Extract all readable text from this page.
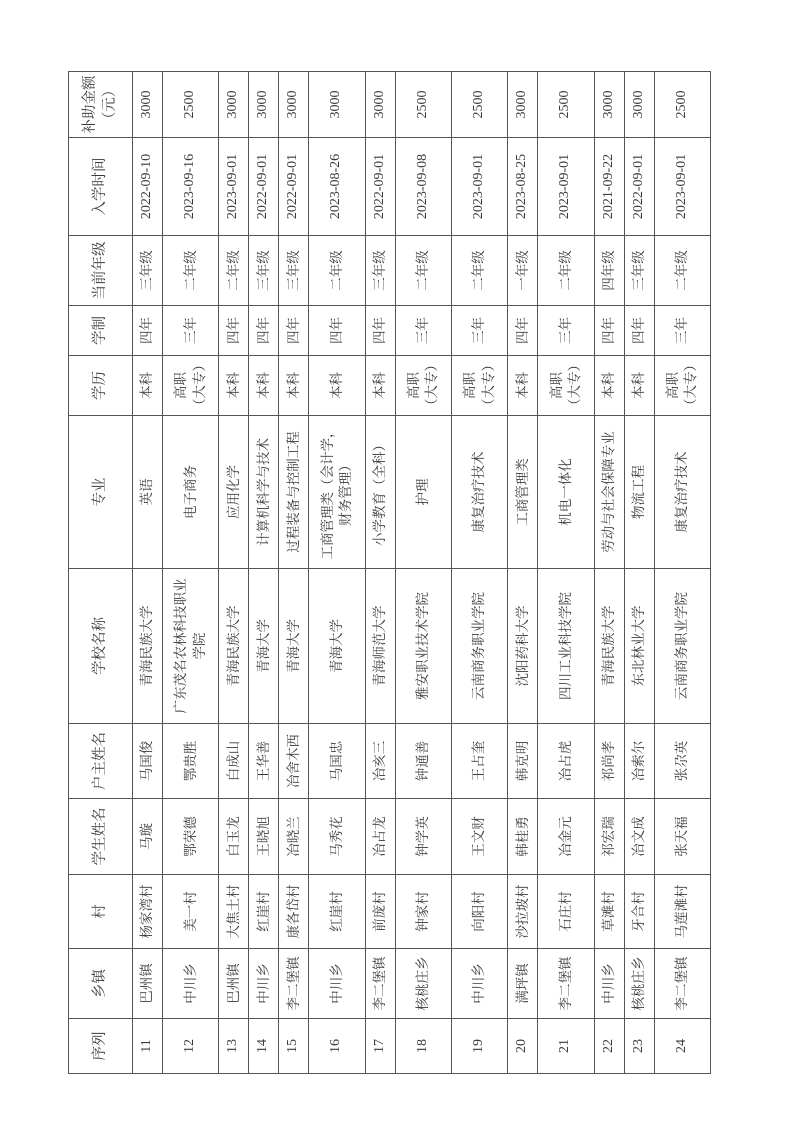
序列	乡镇	村	学生姓名	户主姓名	学校名称	专业	学历	学制	当前年级	入学时间	补助金额（元）
11	巴州镇	杨家湾村	马璇	马国俊	青海民族大学	英语	本科	四年	三年级	2022-09-10	3000
12	中川乡	美一村	鄂荣德	鄂贵胜	广东茂名农林科技职业学院	电子商务	高职（大专）	三年	二年级	2023-09-16	2500
13	巴州镇	大焦土村	白玉龙	白成山	青海民族大学	应用化学	本科	四年	二年级	2023-09-01	3000
14	中川乡	红崖村	王晓旭	王华善	青海大学	计算机科学与技术	本科	四年	三年级	2022-09-01	3000
15	李二堡镇	康各岱村	冶晓兰	冶舍木西	青海大学	过程装备与控制工程	本科	四年	三年级	2022-09-01	3000
16	中川乡	红崖村	马秀花	马国忠	青海大学	工商管理类（会计学，财务管理）	本科	四年	二年级	2023-08-26	3000
17	李二堡镇	前庞村	冶占龙	冶亥三	青海师范大学	小学教育（全科）	本科	四年	三年级	2022-09-01	3000
18	核桃庄乡	钟家村	钟学英	钟通善	雅安职业技术学院	护理	高职（大专）	三年	二年级	2023-09-08	2500
19	中川乡	向阳村	王文财	王占奎	云南商务职业学院	康复治疗技术	高职（大专）	三年	二年级	2023-09-01	2500
20	满坪镇	沙拉坡村	韩桂勇	韩克明	沈阳药科大学	工商管理类	本科	四年	一年级	2023-08-25	3000
21	李二堡镇	石庄村	冶金元	冶占虎	四川工业科技学院	机电一体化	高职（大专）	三年	二年级	2023-09-01	2500
22	中川乡	草滩村	祁宏瑞	祁尚孝	青海民族大学	劳动与社会保障专业	本科	四年	四年级	2021-09-22	3000
23	核桃庄乡	牙合村	冶文成	冶索尔	东北林业大学	物流工程	本科	四年	三年级	2022-09-01	3000
24	李二堡镇	马莲滩村	张天福	张尕英	云南商务职业学院	康复治疗技术	高职（大专）	三年	二年级	2023-09-01	2500
